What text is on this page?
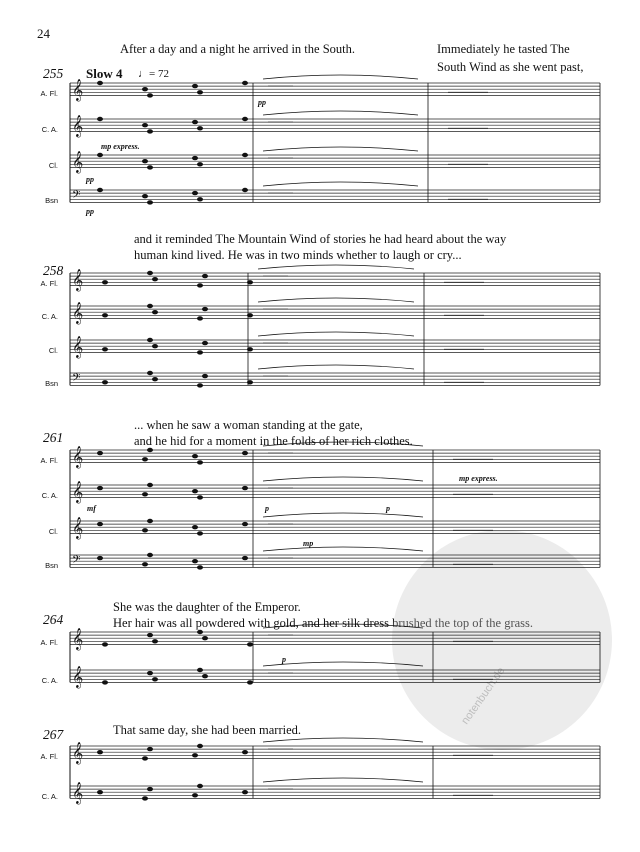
24
After a day and a night he arrived in the South.	Immediately he tasted The
South Wind as she went past,
255 Slow 4 ♩= 72
A. Fl.
C. A.
Cl.
Bsn
pp
mp express.
pp
pp
and it reminded The Mountain Wind of stories he had heard about the way
human kind lived. He was in two minds whether to laugh or cry...
258
A. Fl.
C. A.
Cl.
Bsn
... when he saw a woman standing at the gate,
and he hid for a moment in the folds of her rich clothes.
261
A. Fl.
C. A.
Cl.
Bsn
mf	p	p
mp
mp express.
She was the daughter of the Emperor.
Her hair was all powdered with gold, and her silk dress brushed the top of the grass.
264
A. Fl.
C. A.
p
That same day, she had been married.
267
A. Fl.
C. A.
notenbuch.de
𝄞
𝄞
𝄞
𝄢
𝄞
𝄞
𝄞
𝄢
𝄞
𝄞
𝄞
𝄢
𝄞
𝄞
𝄞
𝄞
